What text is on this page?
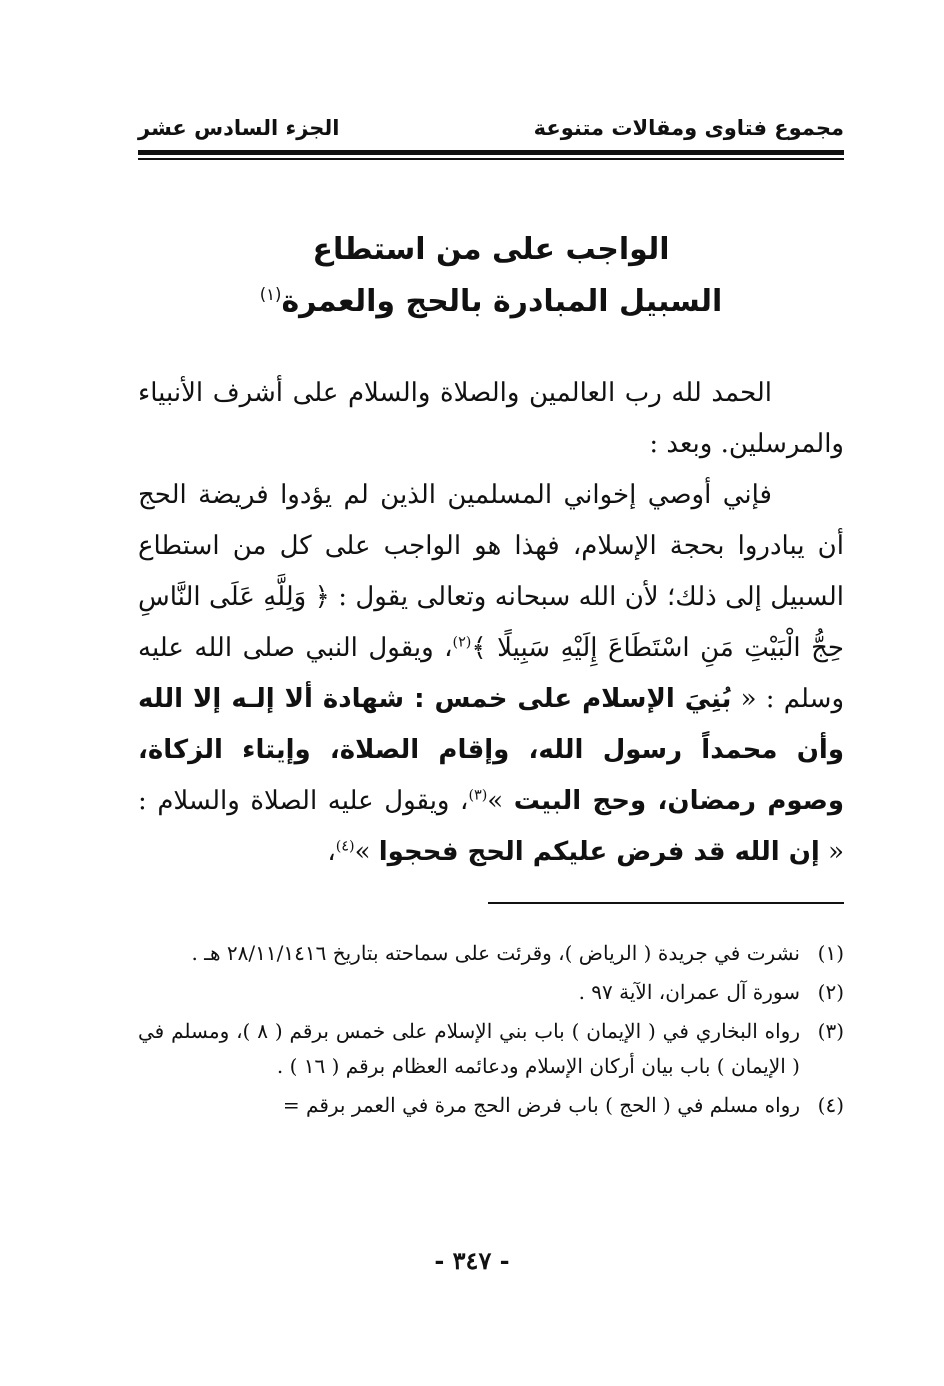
مجموع فتاوى ومقالات متنوعة
الجزء السادس عشر
الواجب على من استطاع
السبيل المبادرة بالحج والعمرة$^{(١)}$

الحمد لله رب العالمين والصلاة والسلام على أشرف الأنبياء والمرسلين. وبعد :

فإني أوصي إخواني المسلمين الذين لم يؤدوا فريضة الحج أن يبادروا بحجة الإسلام، فهذا هو الواجب على كل من استطاع السبيل إلى ذلك؛ لأن الله سبحانه وتعالى يقول : ﴿ وَلِلَّهِ عَلَى النَّاسِ حِجُّ الْبَيْتِ مَنِ اسْتَطَاعَ إِلَيْهِ سَبِيلًا ﴾$^{(٢)}$، ويقول النبي صلى الله عليه وسلم : « بُنِيَ الإسلام على خمس : شهادة ألا إلـه إلا الله وأن محمداً رسول الله، وإقام الصلاة، وإيتاء الزكاة، وصوم رمضان، وحج البيت »$^{(٣)}$، ويقول عليه الصلاة والسلام : « إن الله قد فرض عليكم الحج فحجوا »$^{(٤)}$،

(١)
نشرت في جريدة ( الرياض )، وقرئت على سماحته بتاريخ ٢٨/١١/١٤١٦ هـ .
(٢)
سورة آل عمران، الآية ٩٧ .
(٣)
رواه البخاري في ( الإيمان ) باب بني الإسلام على خمس برقم ( ٨ )، ومسلم في ( الإيمان ) باب بيان أركان الإسلام ودعائمه العظام برقم ( ١٦ ) .
(٤)
رواه مسلم في ( الحج ) باب فرض الحج مرة في العمر برقم =
- ٣٤٧ -
